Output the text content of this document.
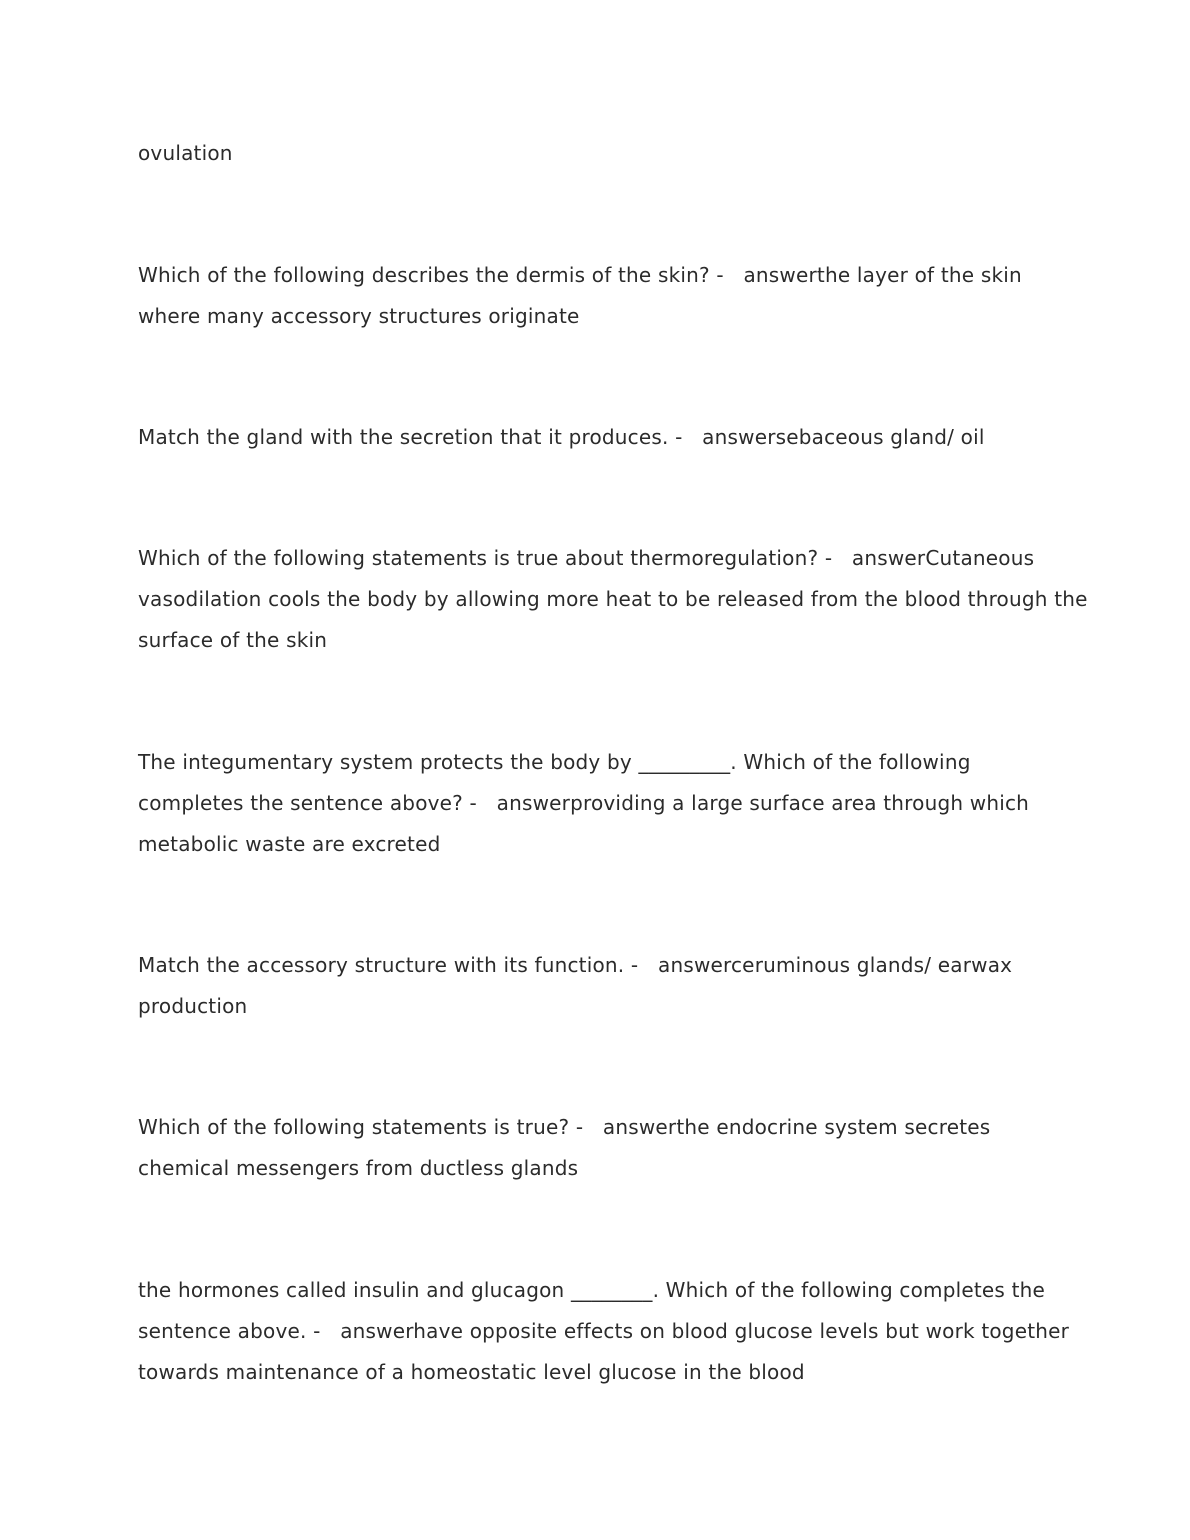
ovulation

Which of the following describes the dermis of the skin? -   answerthe layer of the skin
where many accessory structures originate

Match the gland with the secretion that it produces. -   answersebaceous gland/ oil

Which of the following statements is true about thermoregulation? -   answerCutaneous
vasodilation cools the body by allowing more heat to be released from the blood through the
surface of the skin

The integumentary system protects the body by _________. Which of the following
completes the sentence above? -   answerproviding a large surface area through which
metabolic waste are excreted

Match the accessory structure with its function. -   answerceruminous glands/ earwax
production

Which of the following statements is true? -   answerthe endocrine system secretes
chemical messengers from ductless glands

the hormones called insulin and glucagon ________. Which of the following completes the
sentence above. -   answerhave opposite effects on blood glucose levels but work together
towards maintenance of a homeostatic level glucose in the blood
